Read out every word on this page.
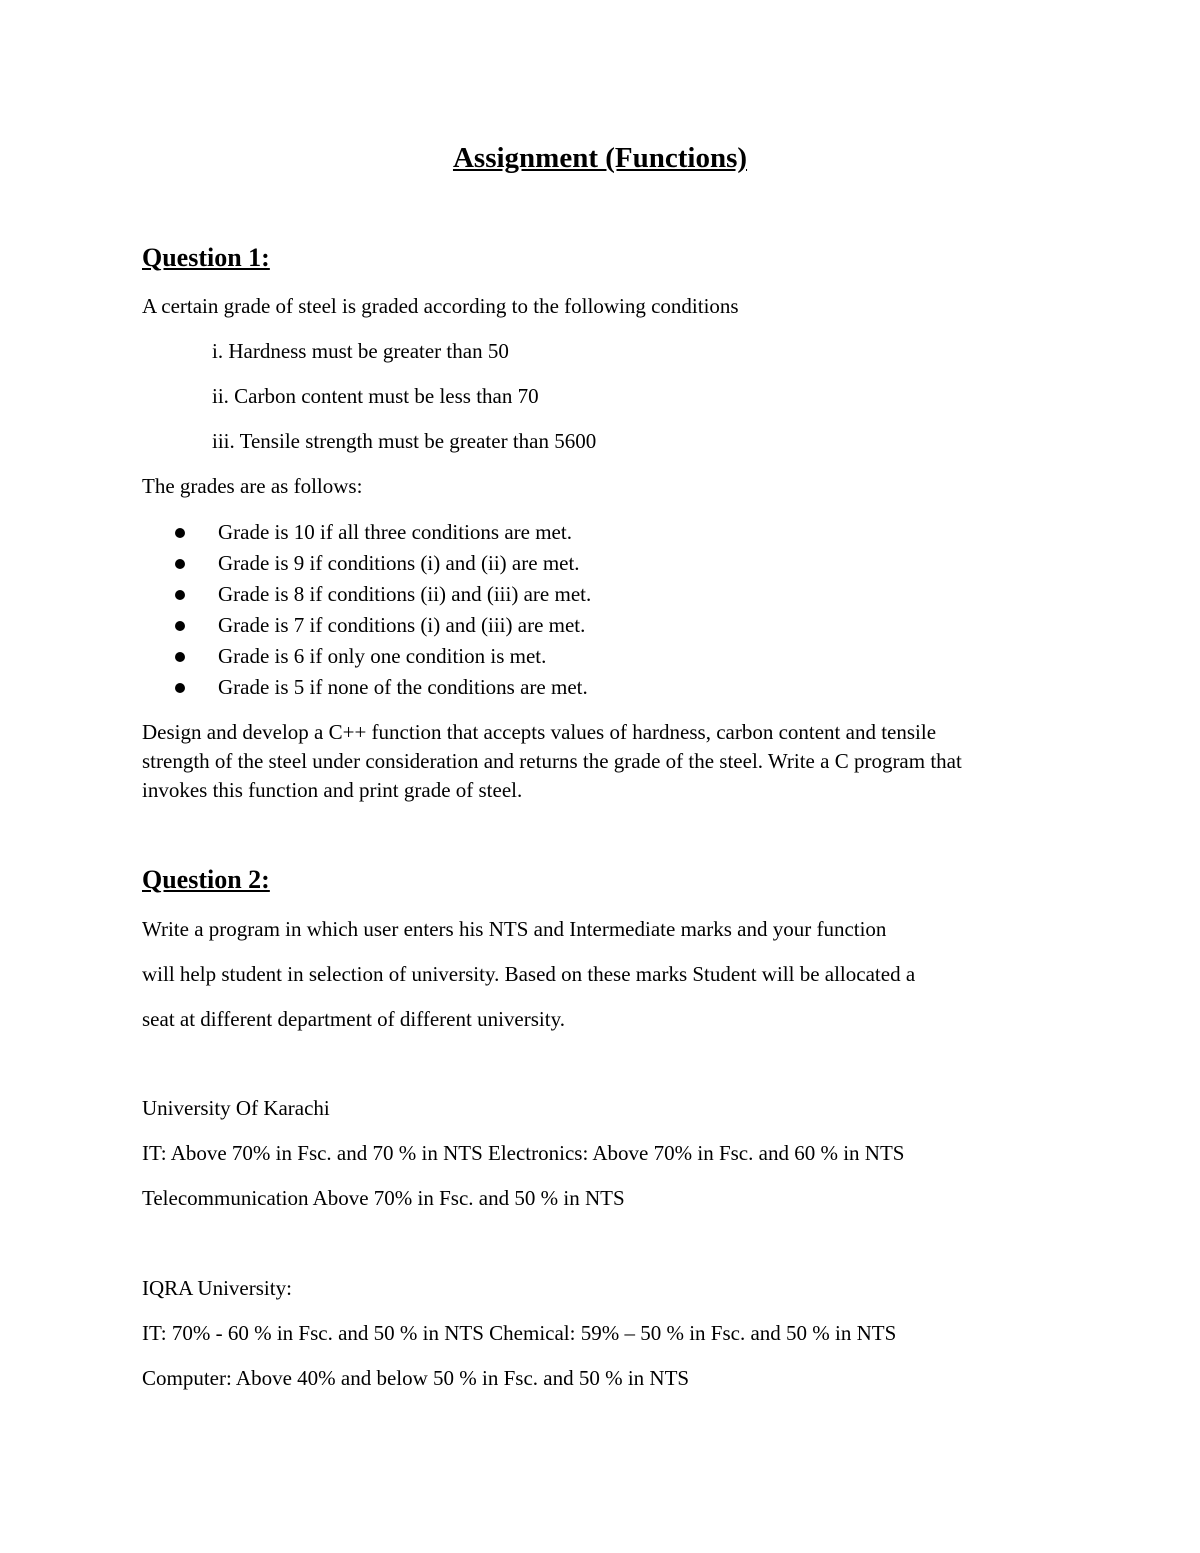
Assignment (Functions)
Question 1:

A certain grade of steel is graded according to the following conditions

i. Hardness must be greater than 50

ii. Carbon content must be less than 70

iii. Tensile strength must be greater than 5600

The grades are as follows:

Grade is 10 if all three conditions are met.
Grade is 9 if conditions (i) and (ii) are met.
Grade is 8 if conditions (ii) and (iii) are met.
Grade is 7 if conditions (i) and (iii) are met.
Grade is 6 if only one condition is met.
Grade is 5 if none of the conditions are met.

Design and develop a C++ function that accepts values of hardness, carbon content and tensile

strength of the steel under consideration and returns the grade of the steel. Write a C program that

invokes this function and print grade of steel.

Question 2:

Write a program in which user enters his NTS and Intermediate marks and your function

will help student in selection of university. Based on these marks Student will be allocated a

seat at different department of different university.

University Of Karachi

IT: Above 70% in Fsc. and 70 % in NTS Electronics: Above 70% in Fsc. and 60 % in NTS

Telecommunication Above 70% in Fsc. and 50 % in NTS

IQRA University:

IT: 70% - 60 % in Fsc. and 50 % in NTS Chemical: 59% – 50 % in Fsc. and 50 % in NTS

Computer: Above 40% and below 50 % in Fsc. and 50 % in NTS
